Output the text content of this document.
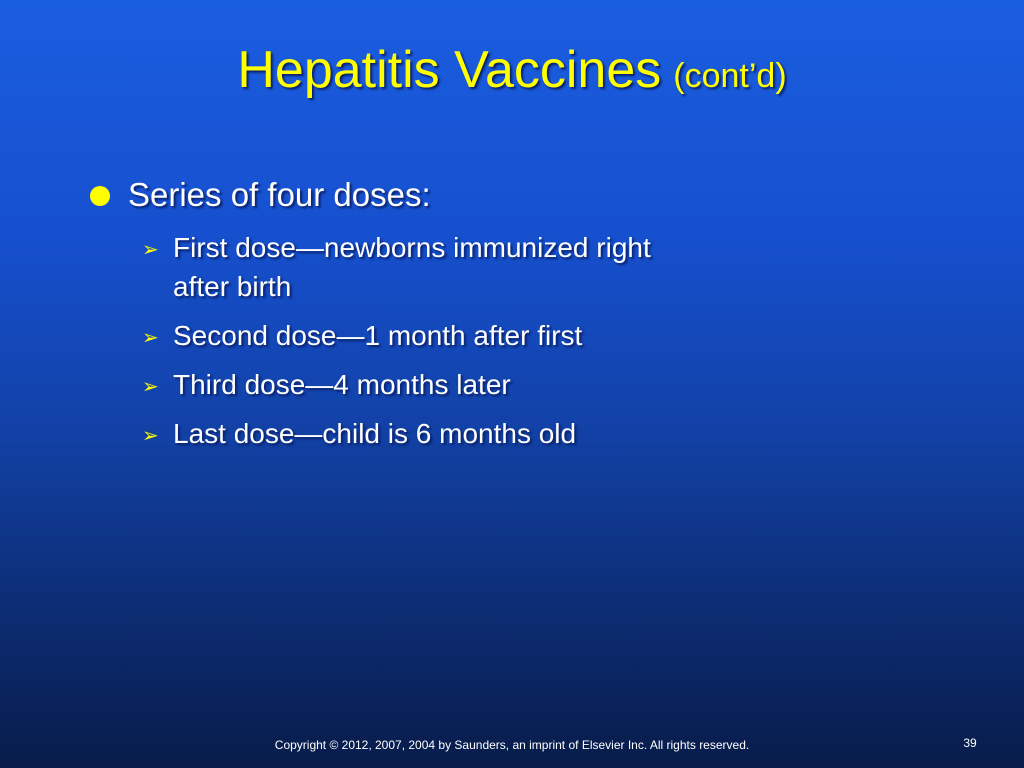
Hepatitis Vaccines (cont’d)
Series of four doses:
➢ First dose—newborns immunized right after birth
➢ Second dose—1 month after first
➢ Third dose—4 months later
➢ Last dose—child is 6 months old
Copyright © 2012, 2007, 2004 by Saunders, an imprint of Elsevier Inc. All rights reserved.	39
